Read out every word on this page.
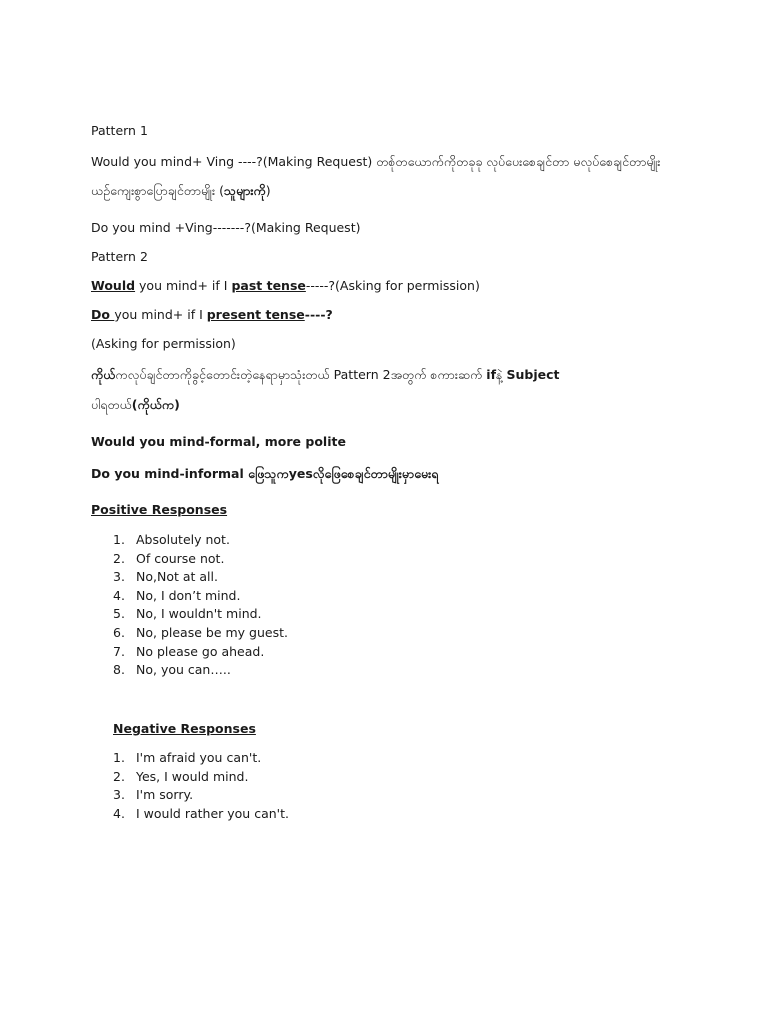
Pattern 1
Would you mind+ Ving ----?(Making Request) တစ်ုတယောက်ကိုတခုခု လုပ်ပေးစေချင်တာ မလုပ်စေချင်တာမျိုး
ယဥ်ကျေးစွာပြောချင်တာမျိုး (သူများကို)
Do you mind +Ving-------?(Making Request)
Pattern 2
Would you mind+ if I past tense-----?(Asking for permission)
Do you mind+ if I present tense----?
(Asking for permission)
ကိုယ်ကလုပ်ချင်တာကိုခွင့်တောင်းတဲ့နေရာမှာသုံးတယ် Pattern 2အတွက် စကားဆက် ifနဲ့ Subject
ပါရတယ်(ကိုယ်က)
Would you mind-formal, more polite
Do you mind-informal ဖြေသူကyesလိုဖြေစေချင်တာမျိုးမှာမေးရ
Positive Responses
1. Absolutely not.
2. Of course not.
3. No,Not at all.
4. No, I don’t mind.
5. No, I wouldn't mind.
6. No, please be my guest.
7. No please go ahead.
8. No, you can…..
Negative Responses
1. I'm afraid you can't.
2. Yes, I would mind.
3. I'm sorry.
4. I would rather you can't.
